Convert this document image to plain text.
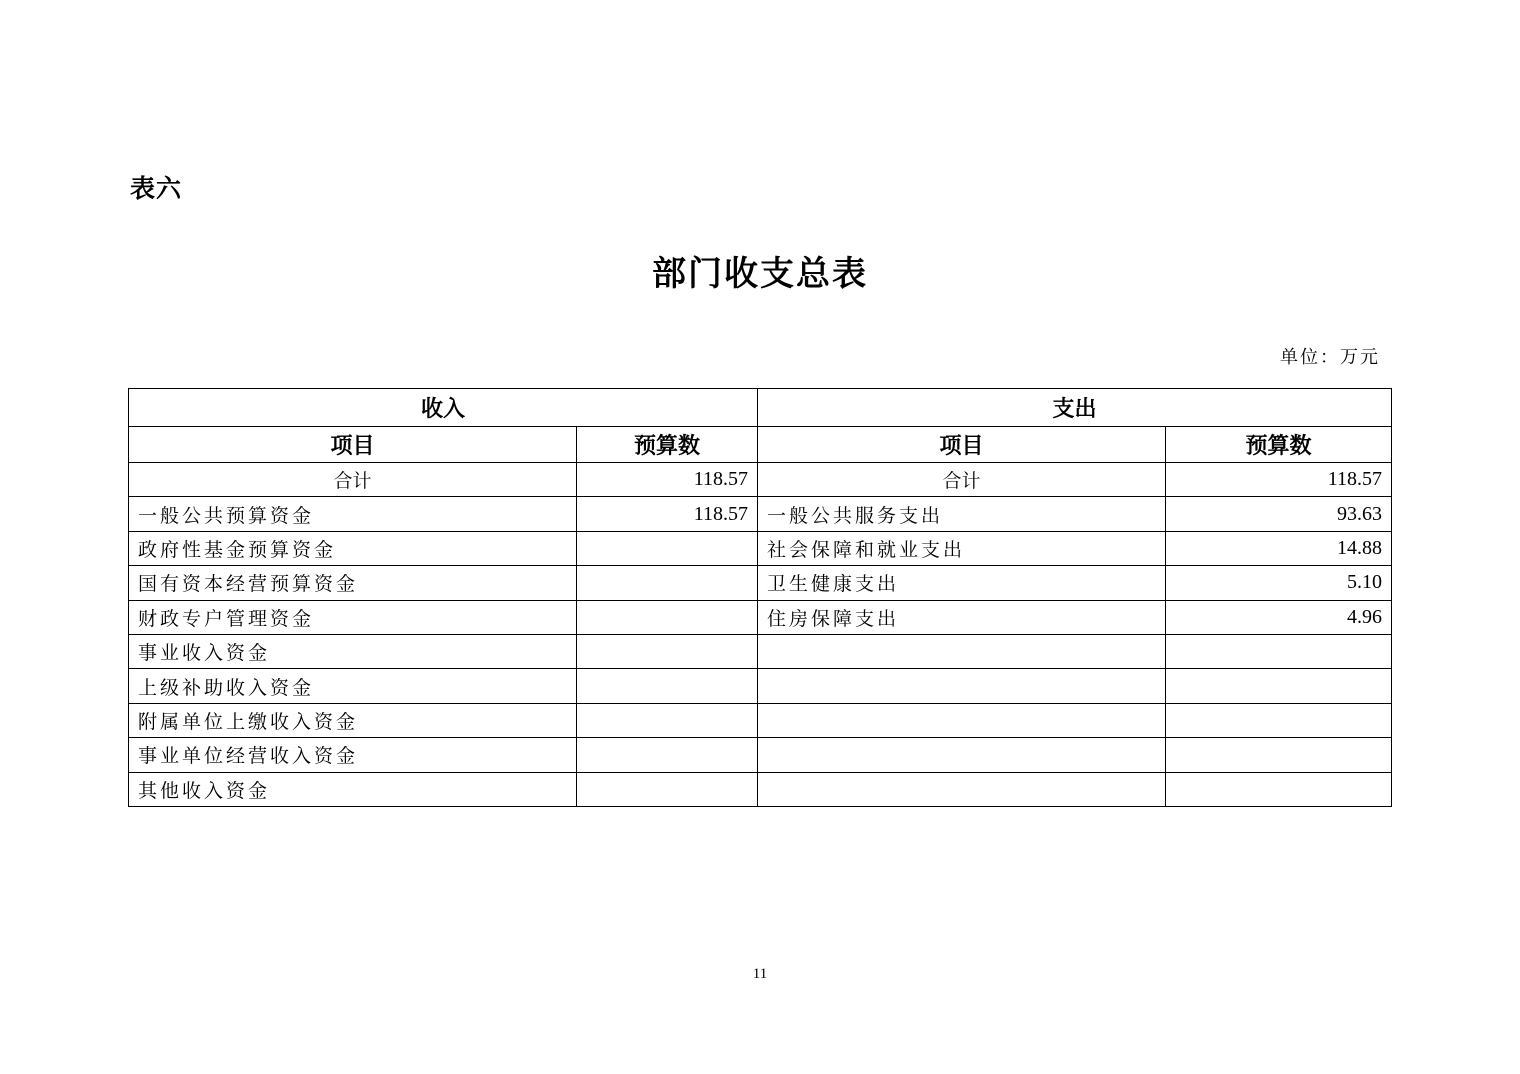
表六
部门收支总表
单位：万元
收入		支出	
项目	预算数	项目	预算数
合计	118.57	合计	118.57
一般公共预算资金	118.57	一般公共服务支出	93.63
政府性基金预算资金		社会保障和就业支出	14.88
国有资本经营预算资金		卫生健康支出	5.10
财政专户管理资金		住房保障支出	4.96
事业收入资金			
上级补助收入资金			
附属单位上缴收入资金			
事业单位经营收入资金			
其他收入资金			
11
